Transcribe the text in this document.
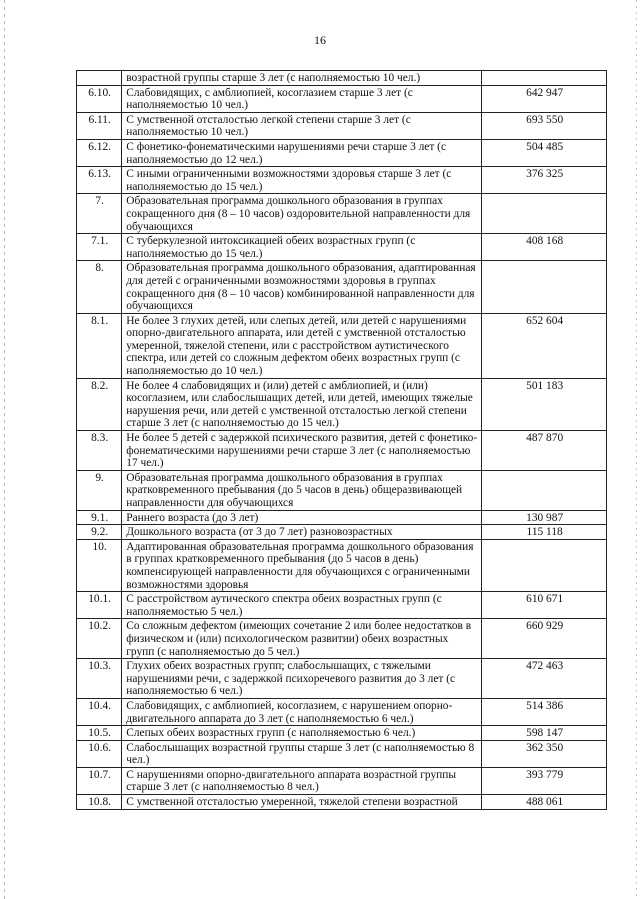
16
	возрастной группы старше 3 лет (с наполняемостью 10 чел.)	
6.10.	Слабовидящих, с амблиопией, косоглазием старше 3 лет (с наполняемостью 10 чел.)	642 947
6.11.	С умственной отсталостью легкой степени старше 3 лет (с наполняемостью 10 чел.)	693 550
6.12.	С фонетико-фонематическими нарушениями речи старше 3 лет (с наполняемостью до 12 чел.)	504 485
6.13.	С иными ограниченными возможностями здоровья старше 3 лет (с наполняемостью до 15 чел.)	376 325
7.	Образовательная программа дошкольного образования в группах сокращенного дня (8 – 10 часов) оздоровительной направленности для обучающихся	
7.1.	С туберкулезной интоксикацией обеих возрастных групп (с наполняемостью до 15 чел.)	408 168
8.	Образовательная программа дошкольного образования, адаптированная для детей с ограниченными возможностями здоровья в группах сокращенного дня (8 – 10 часов) комбинированной направленности для обучающихся	
8.1.	Не более 3 глухих детей, или слепых детей, или детей с нарушениями опорно-двигательного аппарата, или детей с умственной отсталостью умеренной, тяжелой степени, или с расстройством аутистического спектра, или детей со сложным дефектом обеих возрастных групп (с наполняемостью до 10 чел.)	652 604
8.2.	Не более 4 слабовидящих и (или) детей с амблиопией, и (или) косоглазием, или слабослышащих детей, или детей, имеющих тяжелые нарушения речи, или детей с умственной отсталостью легкой степени старше 3 лет (с наполняемостью до 15 чел.)	501 183
8.3.	Не более 5 детей с задержкой психического развития, детей с фонетико-фонематическими нарушениями речи старше 3 лет (с наполняемостью 17 чел.)	487 870
9.	Образовательная программа дошкольного образования в группах кратковременного пребывания (до 5 часов в день) общеразвивающей направленности для обучающихся	
9.1.	Раннего возраста (до 3 лет)	130 987
9.2.	Дошкольного возраста (от 3 до 7 лет) разновозрастных	115 118
10.	Адаптированная образовательная программа дошкольного образования в группах кратковременного пребывания (до 5 часов в день) компенсирующей направленности для обучающихся с ограниченными возможностями здоровья	
10.1.	С расстройством аутического спектра обеих возрастных групп (с наполняемостью 5 чел.)	610 671
10.2.	Со сложным дефектом (имеющих сочетание 2 или более недостатков в физическом и (или) психологическом развитии) обеих возрастных групп (с наполняемостью до 5 чел.)	660 929
10.3.	Глухих обеих возрастных групп; слабослышащих, с тяжелыми нарушениями речи, с задержкой психоречевого развития до 3 лет (с наполняемостью 6 чел.)	472 463
10.4.	Слабовидящих, с амблиопией, косоглазием, с нарушением опорно-двигательного аппарата до 3 лет (с наполняемостью 6 чел.)	514 386
10.5.	Слепых обеих возрастных групп (с наполняемостью 6 чел.)	598 147
10.6.	Слабослышащих возрастной группы старше 3 лет (с наполняемостью 8 чел.)	362 350
10.7.	С нарушениями опорно-двигательного аппарата возрастной группы старше 3 лет (с наполняемостью 8 чел.)	393 779
10.8.	С умственной отсталостью умеренной, тяжелой степени возрастной	488 061
